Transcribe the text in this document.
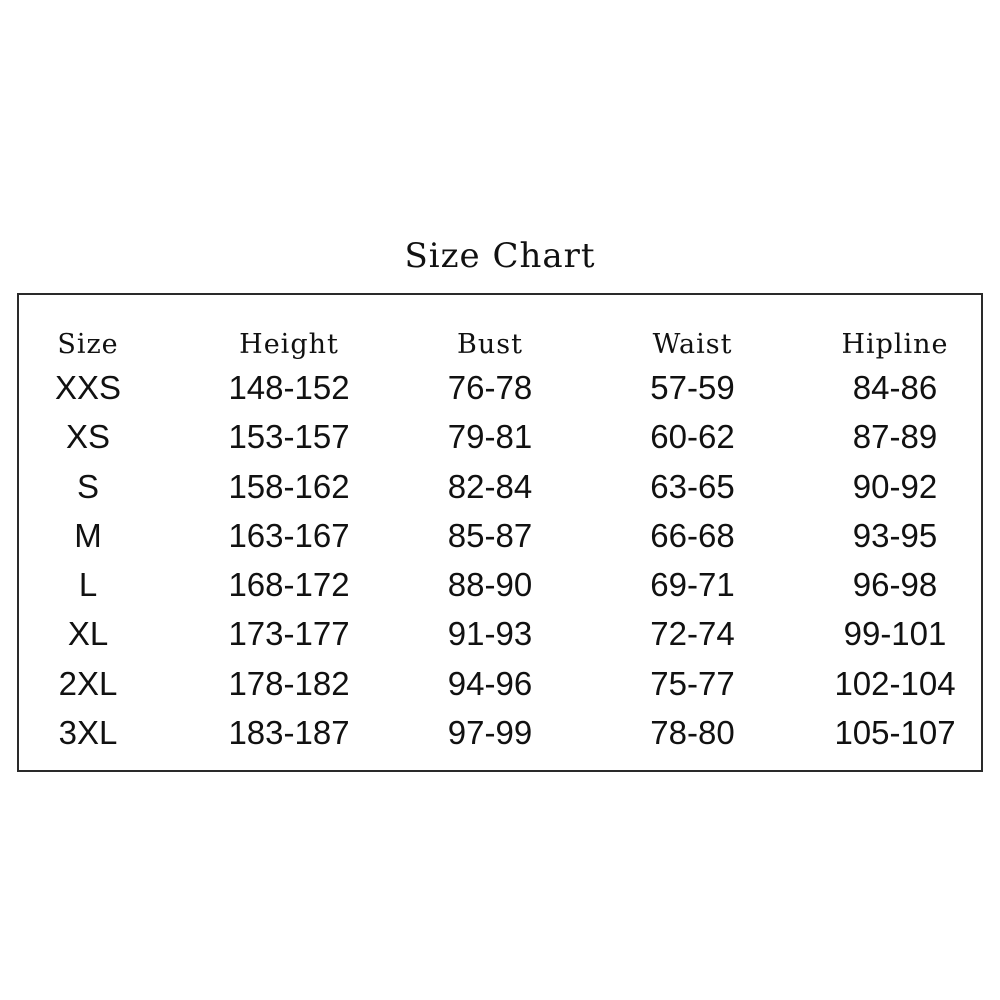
Size Chart
Size	Height	Bust	Waist	Hipline
XXS	148-152	76-78	57-59	84-86
XS	153-157	79-81	60-62	87-89
S	158-162	82-84	63-65	90-92
M	163-167	85-87	66-68	93-95
L	168-172	88-90	69-71	96-98
XL	173-177	91-93	72-74	99-101
2XL	178-182	94-96	75-77	102-104
3XL	183-187	97-99	78-80	105-107
